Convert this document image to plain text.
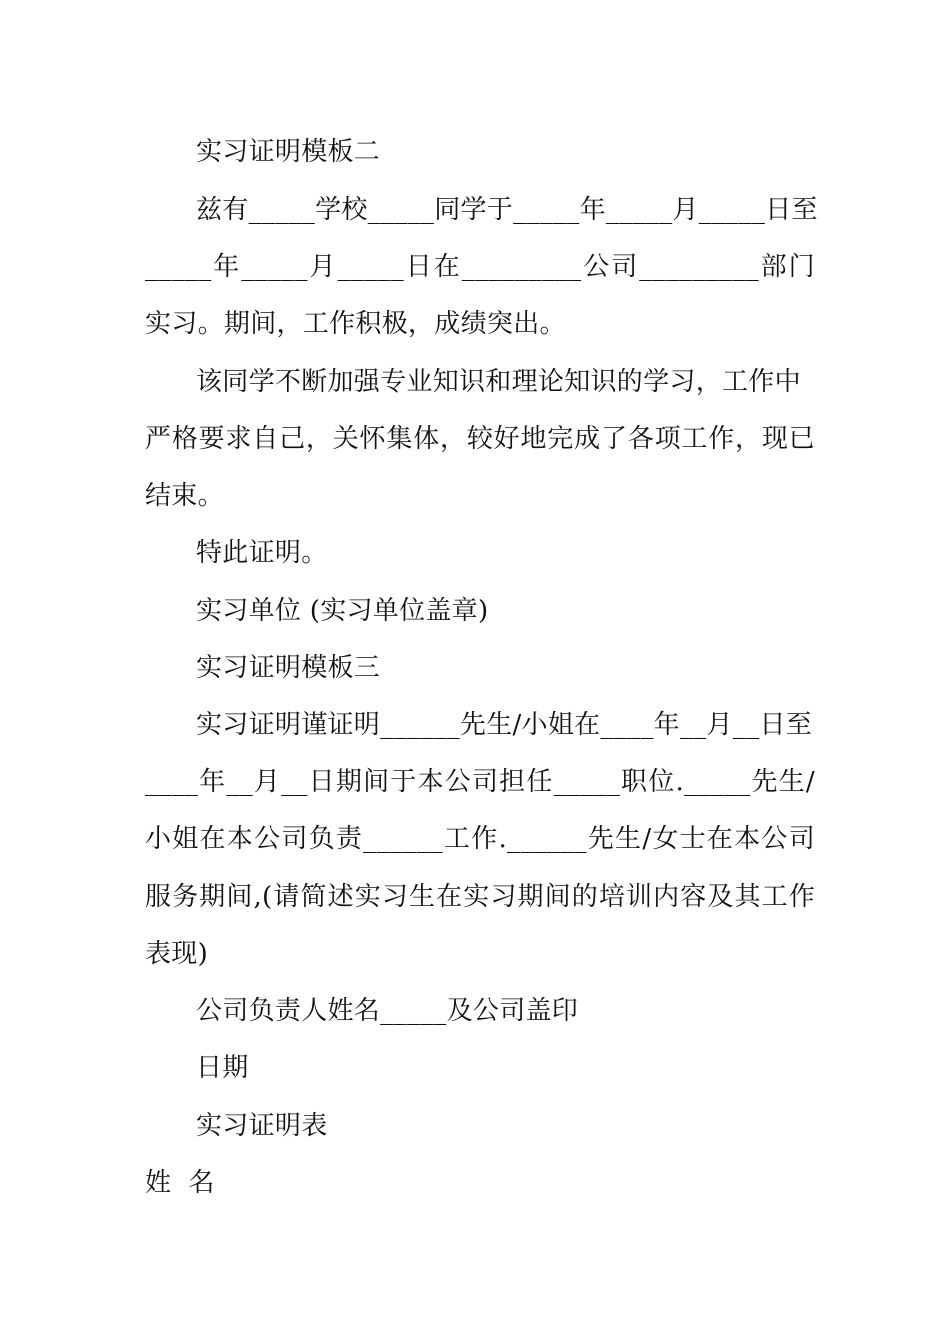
实习证明模板二
兹有_____学校_____同学于_____年_____月_____日至
_____年_____月_____日在_________公司_________部门
实习。期间，工作积极，成绩突出。
该同学不断加强专业知识和理论知识的学习，工作中
严格要求自己，关怀集体，较好地完成了各项工作，现已
结束。
特此证明。
实习单位 (实习单位盖章)
实习证明模板三
实习证明谨证明______先生/小姐在____年__月__日至
____年__月__日期间于本公司担任_____职位._____先生/
小姐在本公司负责______工作.______先生/女士在本公司
服务期间,(请简述实习生在实习期间的培训内容及其工作
表现)
公司负责人姓名_____及公司盖印
日期
实习证明表
姓  名
